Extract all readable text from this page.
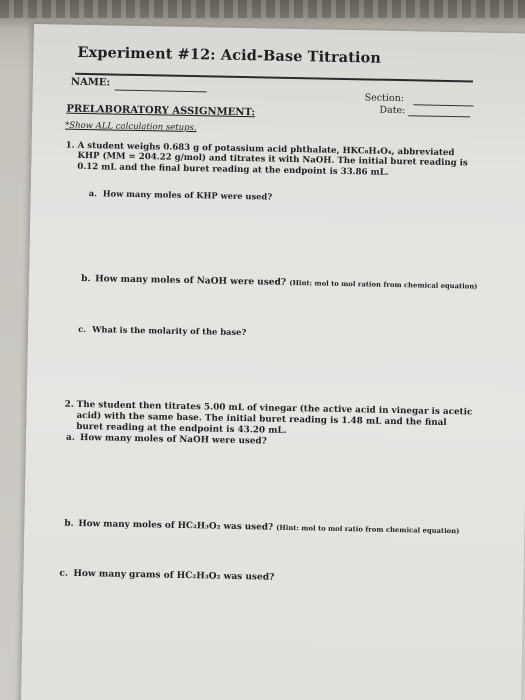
Experiment #12: Acid-Base Titration
NAME:
Section:
Date:
PRELABORATORY ASSIGNMENT:
*Show ALL calculation setups.
1. A student weighs 0.683 g of potassium acid phthalate, HKC₈H₄O₄, abbreviated KHP (MM = 204.22 g/mol) and titrates it with NaOH. The initial buret reading is 0.12 mL and the final buret reading at the endpoint is 33.86 mL.
a. How many moles of KHP were used?
b. How many moles of NaOH were used? (Hint: mol to mol ration from chemical equation)
c. What is the molarity of the base?
2. The student then titrates 5.00 mL of vinegar (the active acid in vinegar is acetic acid) with the same base. The initial buret reading is 1.48 mL and the final buret reading at the endpoint is 43.20 mL.
a. How many moles of NaOH were used?
b. How many moles of HC₂H₃O₂ was used? (Hint: mol to mol ratio from chemical equation)
c. How many grams of HC₂H₃O₂ was used?
